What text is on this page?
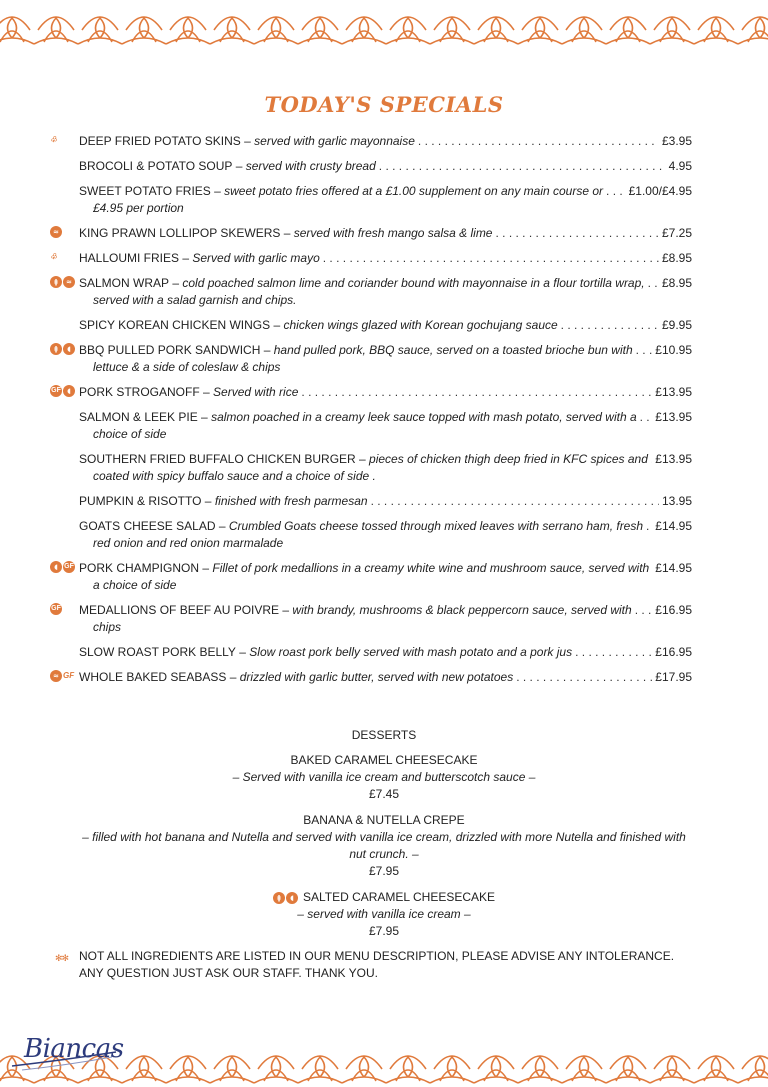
TODAY'S SPECIALS
♧ DEEP FRIED POTATO SKINS – served with garlic mayonnaise . . .	£3.95
BROCOLI & POTATO SOUP – served with crusty bread . . .	4.95
SWEET POTATO FRIES – sweet potato fries offered at a £1.00 supplement on any main course or . . . £1.00/£4.95
£4.95 per portion
≈ KING PRAWN LOLLIPOP SKEWERS – served with fresh mango salsa & lime . . .	£7.25
♧ HALLOUMI FRIES – Served with garlic mayo . . .	£8.95
ǂ	≈ SALMON WRAP – cold poached salmon lime and coriander bound with mayonnaise in a flour tortilla wrap, . . . £8.95
served with a salad garnish and chips.
SPICY KOREAN CHICKEN WINGS – chicken wings glazed with Korean gochujang sauce . . .	£9.95
ǂ	◖ BBQ PULLED PORK SANDWICH – hand pulled pork, BBQ sauce, served on a toasted brioche bun with . . . £10.95
lettuce & a side of coleslaw & chips
GF ◖ PORK STROGANOFF – Served with rice . . .	£13.95
SALMON & LEEK PIE – salmon poached in a creamy leek sauce topped with mash potato, served with a . . . £13.95
choice of side
SOUTHERN FRIED BUFFALO CHICKEN BURGER – pieces of chicken thigh deep fried in KFC spices and . . . £13.95
coated with spicy buffalo sauce and a choice of side .
PUMPKIN & RISOTTO – finished with fresh parmesan . . .	13.95
GOATS CHEESE SALAD – Crumbled Goats cheese tossed through mixed leaves with serrano ham, fresh . . . £14.95
red onion and red onion marmalade
◖ GF PORK CHAMPIGNON – Fillet of pork medallions in a creamy white wine and mushroom sauce, served with . . . £14.95
a choice of side
GF MEDALLIONS OF BEEF AU POIVRE – with brandy, mushrooms & black peppercorn sauce, served with . . . £16.95
chips
SLOW ROAST PORK BELLY – Slow roast pork belly served with mash potato and a pork jus . . .	£16.95
≈ GF WHOLE BAKED SEABASS – drizzled with garlic butter, served with new potatoes . . .	£17.95
DESSERTS
BAKED CARAMEL CHEESECAKE
– Served with vanilla ice cream and butterscotch sauce –
£7.45
BANANA & NUTELLA CREPE
– filled with hot banana and Nutella and served with vanilla ice cream, drizzled with more Nutella and finished with nut crunch. –
£7.95
ǂ	◖ SALTED CARAMEL CHEESECAKE
– served with vanilla ice cream –
£7.95
✻✻ NOT ALL INGREDIENTS ARE LISTED IN OUR MENU DESCRIPTION, PLEASE ADVISE ANY INTOLERANCE.
ANY QUESTION JUST ASK OUR STAFF. THANK YOU.
Biancas
